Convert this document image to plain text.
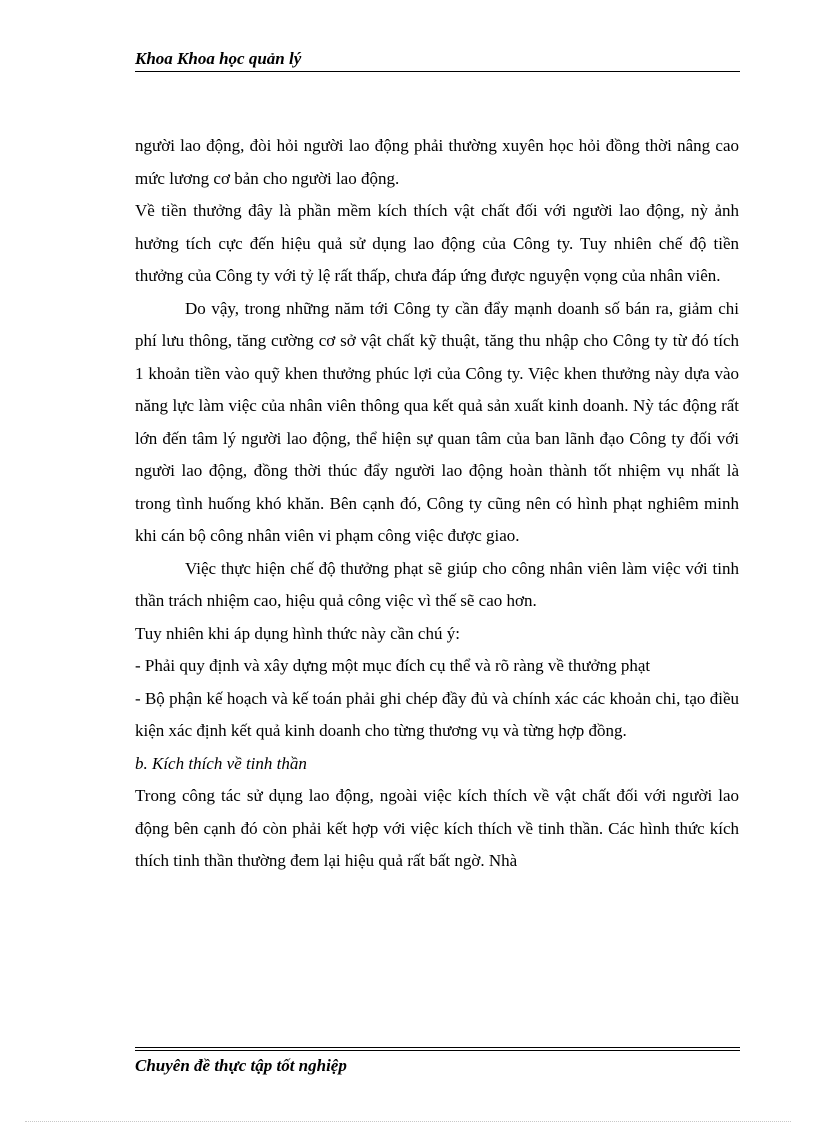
Khoa Khoa học quản lý

người lao động, đòi hỏi người lao động phải thường xuyên học hỏi đồng thời nâng cao mức lương cơ bản cho người lao động.

Về tiền thưởng đây là phần mềm kích thích vật chất đối với người lao động, nỳ ảnh hưởng tích cực đến hiệu quả sử dụng lao động của Công ty. Tuy nhiên chế độ tiền thưởng của Công ty với tỷ lệ rất thấp, chưa đáp ứng được nguyện vọng của nhân viên.

Do vậy, trong những năm tới Công ty cần đẩy mạnh doanh số bán ra, giảm chi phí lưu thông, tăng cường cơ sở vật chất kỹ thuật, tăng thu nhập cho Công ty từ đó tích 1 khoản tiền vào quỹ khen thưởng phúc lợi của Công ty. Việc khen thưởng này dựa vào năng lực làm việc của nhân viên thông qua kết quả sản xuất kinh doanh. Nỳ tác động rất lớn đến tâm lý người lao động, thể hiện sự quan tâm của ban lãnh đạo Công ty đối với người lao động, đồng thời thúc đẩy người lao động hoàn thành tốt nhiệm vụ nhất là trong tình huống khó khăn. Bên cạnh đó, Công ty cũng nên có hình phạt nghiêm minh khi cán bộ công nhân viên vi phạm công việc được giao.

Việc thực hiện chế độ thưởng phạt sẽ giúp cho công nhân viên làm việc với tinh thần trách nhiệm cao, hiệu quả công việc vì thế sẽ cao hơn.

Tuy nhiên khi áp dụng hình thức này cần chú ý:

- Phải quy định và xây dựng một mục đích cụ thể và rõ ràng về thưởng phạt

- Bộ phận kế hoạch và kế toán phải ghi chép đầy đủ và chính xác các khoản chi, tạo điều kiện xác định kết quả kinh doanh cho từng thương vụ và từng hợp đồng.

b. Kích thích về tinh thần

Trong công tác sử dụng lao động, ngoài việc kích thích về vật chất đối với người lao động bên cạnh đó còn phải kết hợp với việc kích thích về tinh thần. Các hình thức kích thích tinh thần thường đem lại hiệu quả rất bất ngờ. Nhà

Chuyên đề thực tập tốt nghiệp
